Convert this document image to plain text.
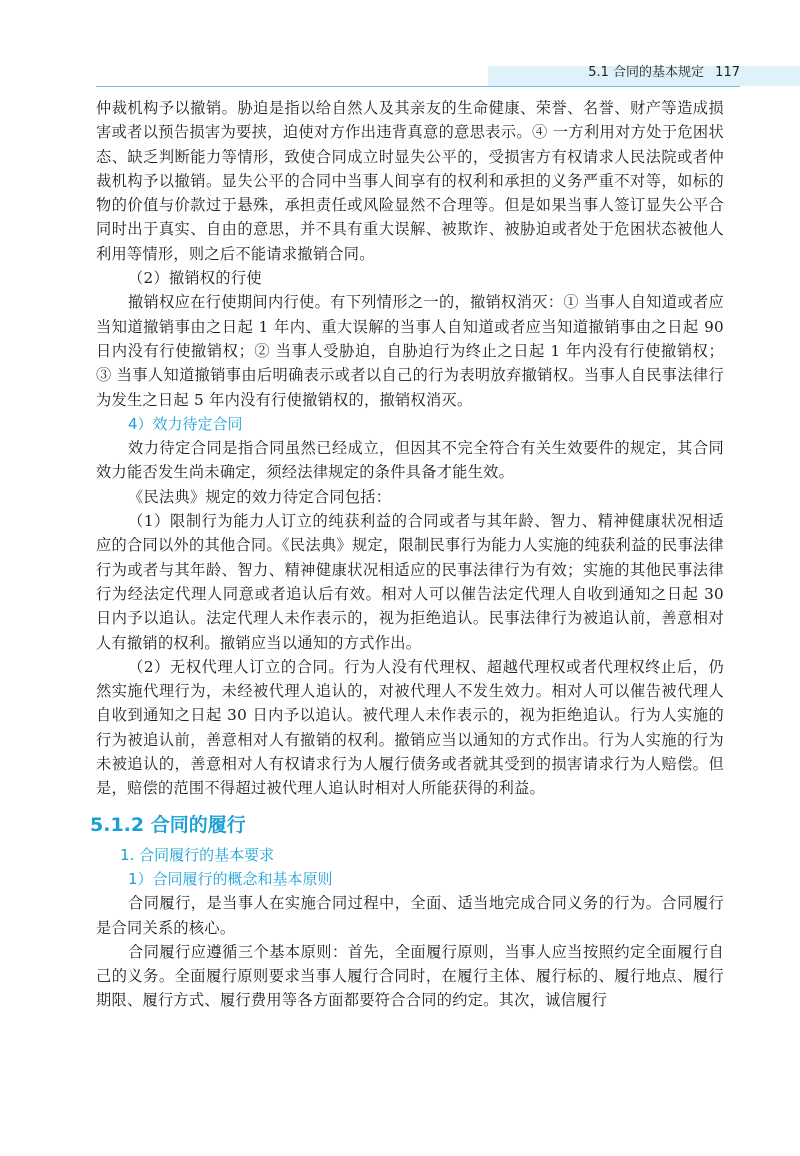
5.1 合同的基本规定 117

仲裁机构予以撤销。胁迫是指以给自然人及其亲友的生命健康、荣誉、名誉、财产等造成损害或者以预告损害为要挟，迫使对方作出违背真意的意思表示。④ 一方利用对方处于危困状态、缺乏判断能力等情形，致使合同成立时显失公平的，受损害方有权请求人民法院或者仲裁机构予以撤销。显失公平的合同中当事人间享有的权利和承担的义务严重不对等，如标的物的价值与价款过于悬殊，承担责任或风险显然不合理等。但是如果当事人签订显失公平合同时出于真实、自由的意思，并不具有重大误解、被欺诈、被胁迫或者处于危困状态被他人利用等情形，则之后不能请求撤销合同。

（2）撤销权的行使

撤销权应在行使期间内行使。有下列情形之一的，撤销权消灭：① 当事人自知道或者应当知道撤销事由之日起 1 年内、重大误解的当事人自知道或者应当知道撤销事由之日起 90 日内没有行使撤销权；② 当事人受胁迫，自胁迫行为终止之日起 1 年内没有行使撤销权；③ 当事人知道撤销事由后明确表示或者以自己的行为表明放弃撤销权。当事人自民事法律行为发生之日起 5 年内没有行使撤销权的，撤销权消灭。

4）效力待定合同

效力待定合同是指合同虽然已经成立，但因其不完全符合有关生效要件的规定，其合同效力能否发生尚未确定，须经法律规定的条件具备才能生效。

《民法典》规定的效力待定合同包括：

（1）限制行为能力人订立的纯获利益的合同或者与其年龄、智力、精神健康状况相适应的合同以外的其他合同。《民法典》规定，限制民事行为能力人实施的纯获利益的民事法律行为或者与其年龄、智力、精神健康状况相适应的民事法律行为有效；实施的其他民事法律行为经法定代理人同意或者追认后有效。相对人可以催告法定代理人自收到通知之日起 30 日内予以追认。法定代理人未作表示的，视为拒绝追认。民事法律行为被追认前，善意相对人有撤销的权利。撤销应当以通知的方式作出。

（2）无权代理人订立的合同。行为人没有代理权、超越代理权或者代理权终止后，仍然实施代理行为，未经被代理人追认的，对被代理人不发生效力。相对人可以催告被代理人自收到通知之日起 30 日内予以追认。被代理人未作表示的，视为拒绝追认。行为人实施的行为被追认前，善意相对人有撤销的权利。撤销应当以通知的方式作出。行为人实施的行为未被追认的，善意相对人有权请求行为人履行债务或者就其受到的损害请求行为人赔偿。但是，赔偿的范围不得超过被代理人追认时相对人所能获得的利益。

5.1.2 合同的履行
1. 合同履行的基本要求
1）合同履行的概念和基本原则

合同履行，是当事人在实施合同过程中，全面、适当地完成合同义务的行为。合同履行是合同关系的核心。

合同履行应遵循三个基本原则：首先，全面履行原则，当事人应当按照约定全面履行自己的义务。全面履行原则要求当事人履行合同时，在履行主体、履行标的、履行地点、履行期限、履行方式、履行费用等各方面都要符合合同的约定。其次，诚信履行
